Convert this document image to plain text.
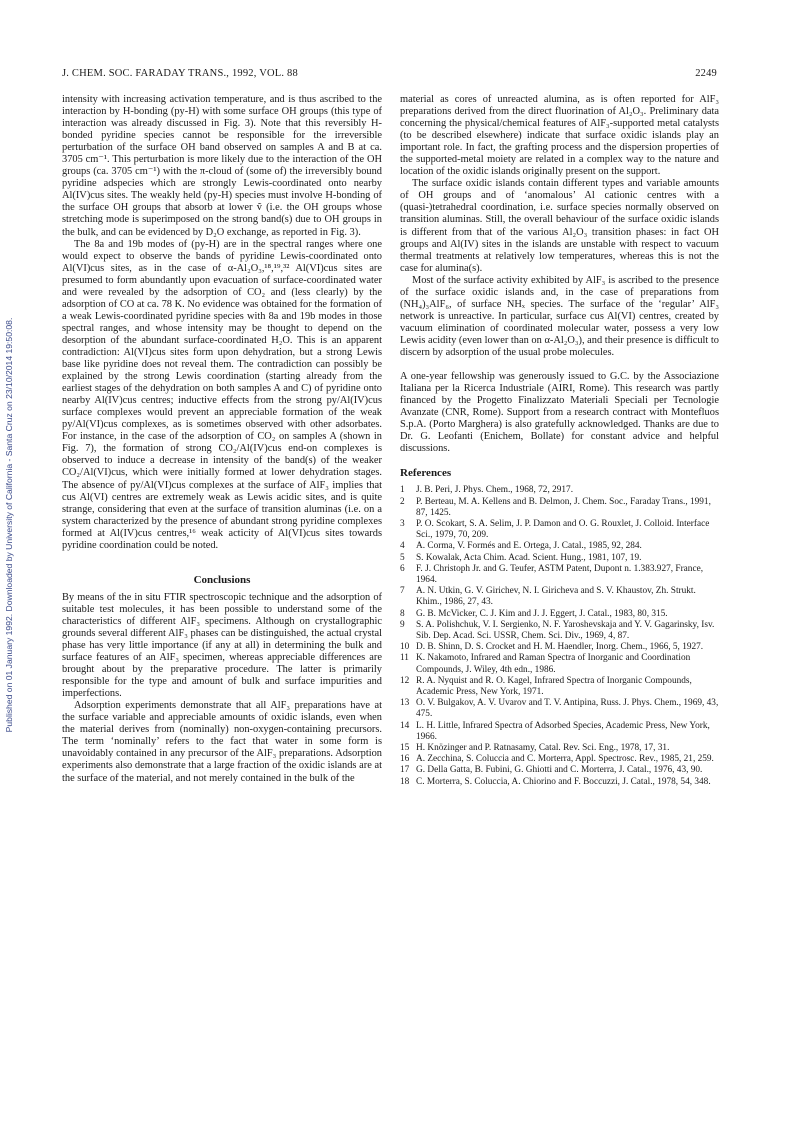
J. CHEM. SOC. FARADAY TRANS., 1992, VOL. 88	2249
Published on 01 January 1992. Downloaded by University of California - Santa Cruz on 23/10/2014 19:50:08.

intensity with increasing activation temperature, and is thus ascribed to the interaction by H-bonding (py-H) with some surface OH groups (this type of interaction was already discussed in Fig. 3). Note that this reversibly H-bonded pyridine species cannot be responsible for the irreversible perturbation of the surface OH band observed on samples A and B at ca. 3705 cm⁻¹. This perturbation is more likely due to the interaction of the OH groups (ca. 3705 cm⁻¹) with the π-cloud of (some of) the irreversibly bound pyridine adspecies which are strongly Lewis-coordinated onto nearby Al(IV)cus sites. The weakly held (py-H) species must involve H-bonding of the surface OH groups that absorb at lower ṽ (i.e. the OH groups whose stretching mode is superimposed on the strong band(s) due to OH groups in the bulk, and can be evidenced by D₂O exchange, as reported in Fig. 3).

The 8a and 19b modes of (py-H) are in the spectral ranges where one would expect to observe the bands of pyridine Lewis-coordinated onto Al(VI)cus sites, as in the case of α-Al₂O₃,¹⁸,¹⁹,³² Al(VI)cus sites are presumed to form abundantly upon evacuation of surface-coordinated water and were revealed by the adsorption of CO₂ and (less clearly) by the adsorption of CO at ca. 78 K. No evidence was obtained for the formation of a weak Lewis-coordinated pyridine species with 8a and 19b modes in those spectral ranges, and whose intensity may be thought to depend on the desorption of the abundant surface-coordinated H₂O. This is an apparent contradiction: Al(VI)cus sites form upon dehydration, but a strong Lewis base like pyridine does not reveal them. The contradiction can possibly be explained by the strong Lewis coordination (starting already from the earliest stages of the dehydration on both samples A and C) of pyridine onto nearby Al(IV)cus centres; inductive effects from the strong py/Al(IV)cus surface complexes would prevent an appreciable formation of the weak py/Al(VI)cus complexes, as is sometimes observed with other adsorbates. For instance, in the case of the adsorption of CO₂ on samples A (shown in Fig. 7), the formation of strong CO₂/Al(IV)cus end-on complexes is observed to induce a decrease in intensity of the band(s) of the weaker CO₂/Al(VI)cus, which were initially formed at lower dehydration stages. The absence of py/Al(VI)cus complexes at the surface of AlF₃ implies that cus Al(VI) centres are extremely weak as Lewis acidic sites, and is quite strange, considering that even at the surface of transition aluminas (i.e. on a system characterized by the presence of abundant strong pyridine complexes formed at Al(IV)cus centres,¹⁶ weak acticity of Al(VI)cus sites towards pyridine coordination could be noted.

Conclusions

By means of the in situ FTIR spectroscopic technique and the adsorption of suitable test molecules, it has been possible to understand some of the characteristics of different AlF₃ specimens. Although on crystallographic grounds several different AlF₃ phases can be distinguished, the actual crystal phase has very little importance (if any at all) in determining the bulk and surface features of an AlF₃ specimen, whereas appreciable differences are brought about by the preparative procedure. The latter is primarily responsible for the type and amount of bulk and surface impurities and imperfections.

Adsorption experiments demonstrate that all AlF₃ preparations have at the surface variable and appreciable amounts of oxidic islands, even when the material derives from (nominally) non-oxygen-containing precursors. The term ‘nominally’ refers to the fact that water in some form is unavoidably contained in any precursor of the AlF₃ preparations. Adsorption experiments also demonstrate that a large fraction of the oxidic islands are at the surface of the material, and not merely contained in the bulk of the

material as cores of unreacted alumina, as is often reported for AlF₃ preparations derived from the direct fluorination of Al₂O₃. Preliminary data concerning the physical/chemical features of AlF₃-supported metal catalysts (to be described elsewhere) indicate that surface oxidic islands play an important role. In fact, the grafting process and the dispersion properties of the supported-metal moiety are related in a complex way to the nature and location of the oxidic islands originally present on the support.

The surface oxidic islands contain different types and variable amounts of OH groups and of ‘anomalous’ Al cationic centres with a (quasi-)tetrahedral coordination, i.e. surface species normally observed on transition aluminas. Still, the overall behaviour of the surface oxidic islands is different from that of the various Al₂O₃ transition phases: in fact OH groups and Al(IV) sites in the islands are unstable with respect to vacuum thermal treatments at relatively low temperatures, whereas this is not the case for alumina(s).

Most of the surface activity exhibited by AlF₃ is ascribed to the presence of the surface oxidic islands and, in the case of preparations from (NH₄)₃AlF₆, of surface NHₓ species. The surface of the ‘regular’ AlF₃ network is unreactive. In particular, surface cus Al(VI) centres, created by vacuum elimination of coordinated molecular water, possess a very low Lewis acidity (even lower than on α-Al₂O₃), and their presence is difficult to discern by adsorption of the usual probe molecules.

A one-year fellowship was generously issued to G.C. by the Associazione Italiana per la Ricerca Industriale (AIRI, Rome). This research was partly financed by the Progetto Finalizzato Materiali Speciali per Tecnologie Avanzate (CNR, Rome). Support from a research contract with Montefluos S.p.A. (Porto Marghera) is also gratefully acknowledged. Thanks are due to Dr. G. Leofanti (Enichem, Bollate) for constant advice and helpful discussions.

References
1	J. B. Peri, J. Phys. Chem., 1968, 72, 2917.
2	P. Berteau, M. A. Kellens and B. Delmon, J. Chem. Soc., Faraday Trans., 1991, 87, 1425.
3	P. O. Scokart, S. A. Selim, J. P. Damon and O. G. Rouxlet, J. Colloid. Interface Sci., 1979, 70, 209.
4	A. Corma, V. Formés and E. Ortega, J. Catal., 1985, 92, 284.
5	S. Kowalak, Acta Chim. Acad. Scient. Hung., 1981, 107, 19.
6	F. J. Christoph Jr. and G. Teufer, ASTM Patent, Dupont n. 1.383.927, France, 1964.
7	A. N. Utkin, G. V. Girichev, N. I. Giricheva and S. V. Khaustov, Zh. Strukt. Khim., 1986, 27, 43.
8	G. B. McVicker, C. J. Kim and J. J. Eggert, J. Catal., 1983, 80, 315.
9	S. A. Polishchuk, V. I. Sergienko, N. F. Yaroshevskaja and Y. V. Gagarinsky, Isv. Sib. Dep. Acad. Sci. USSR, Chem. Sci. Div., 1969, 4, 87.
10 D. B. Shinn, D. S. Crocket and H. M. Haendler, Inorg. Chem., 1966, 5, 1927.
11 K. Nakamoto, Infrared and Raman Spectra of Inorganic and Coordination Compounds, J. Wiley, 4th edn., 1986.
12 R. A. Nyquist and R. O. Kagel, Infrared Spectra of Inorganic Compounds, Academic Press, New York, 1971.
13 O. V. Bulgakov, A. V. Uvarov and T. V. Antipina, Russ. J. Phys. Chem., 1969, 43, 475.
14 L. H. Little, Infrared Spectra of Adsorbed Species, Academic Press, New York, 1966.
15 H. Knözinger and P. Ratnasamy, Catal. Rev. Sci. Eng., 1978, 17, 31.
16 A. Zecchina, S. Coluccia and C. Morterra, Appl. Spectrosc. Rev., 1985, 21, 259.
17 G. Della Gatta, B. Fubini, G. Ghiotti and C. Morterra, J. Catal., 1976, 43, 90.
18 C. Morterra, S. Coluccia, A. Chiorino and F. Boccuzzi, J. Catal., 1978, 54, 348.
